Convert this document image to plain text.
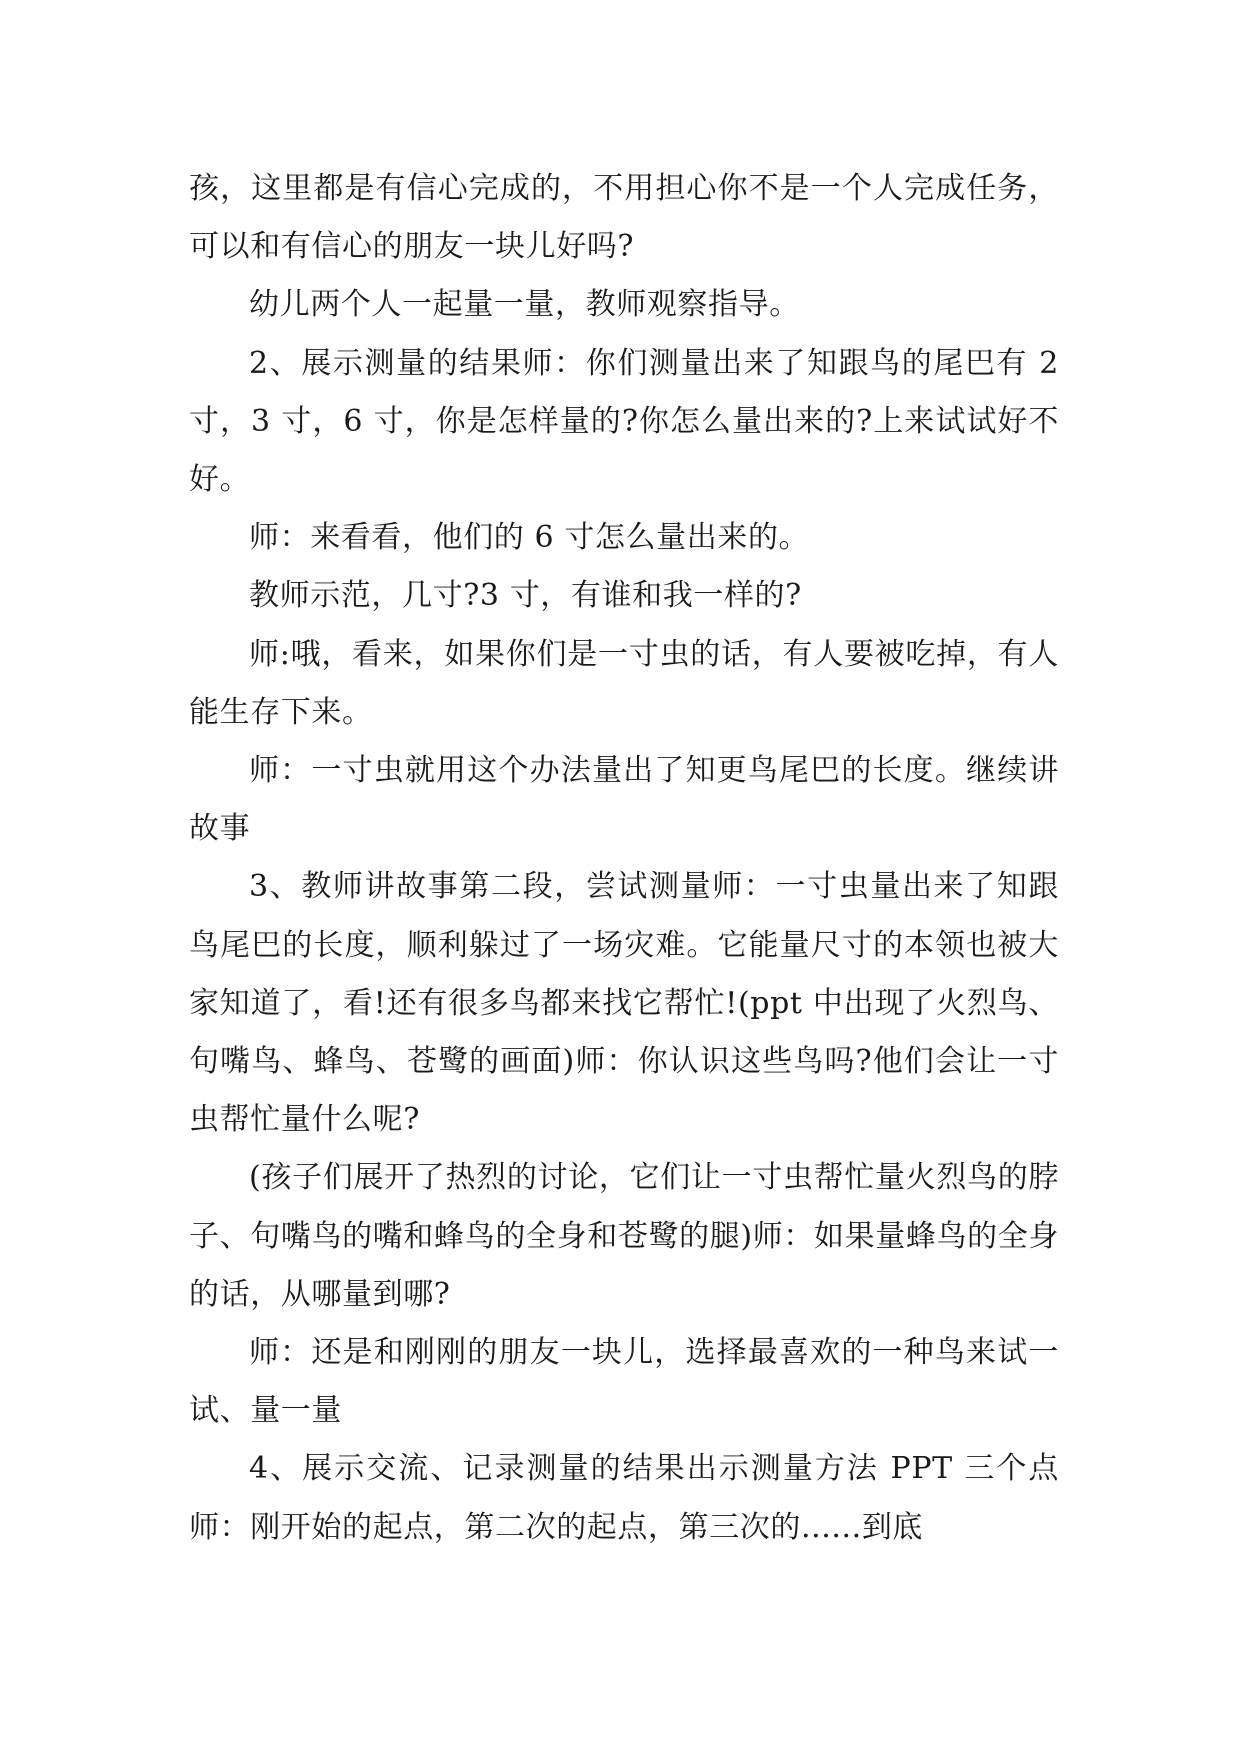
孩，这里都是有信心完成的，不用担心你不是一个人完成任务，可以和有信心的朋友一块儿好吗?

幼儿两个人一起量一量，教师观察指导。

2、展示测量的结果师：你们测量出来了知跟鸟的尾巴有 2 寸，3 寸，6 寸，你是怎样量的?你怎么量出来的?上来试试好不好。

师：来看看，他们的 6 寸怎么量出来的。

教师示范，几寸?3 寸，有谁和我一样的?

师:哦，看来，如果你们是一寸虫的话，有人要被吃掉，有人能生存下来。

师：一寸虫就用这个办法量出了知更鸟尾巴的长度。继续讲故事

3、教师讲故事第二段，尝试测量师：一寸虫量出来了知跟鸟尾巴的长度，顺利躲过了一场灾难。它能量尺寸的本领也被大家知道了，看!还有很多鸟都来找它帮忙!(ppt 中出现了火烈鸟、句嘴鸟、蜂鸟、苍鹭的画面)师：你认识这些鸟吗?他们会让一寸虫帮忙量什么呢?

(孩子们展开了热烈的讨论，它们让一寸虫帮忙量火烈鸟的脖子、句嘴鸟的嘴和蜂鸟的全身和苍鹭的腿)师：如果量蜂鸟的全身的话，从哪量到哪?

师：还是和刚刚的朋友一块儿，选择最喜欢的一种鸟来试一试、量一量

4、展示交流、记录测量的结果出示测量方法 PPT 三个点师：刚开始的起点，第二次的起点，第三次的......到底
